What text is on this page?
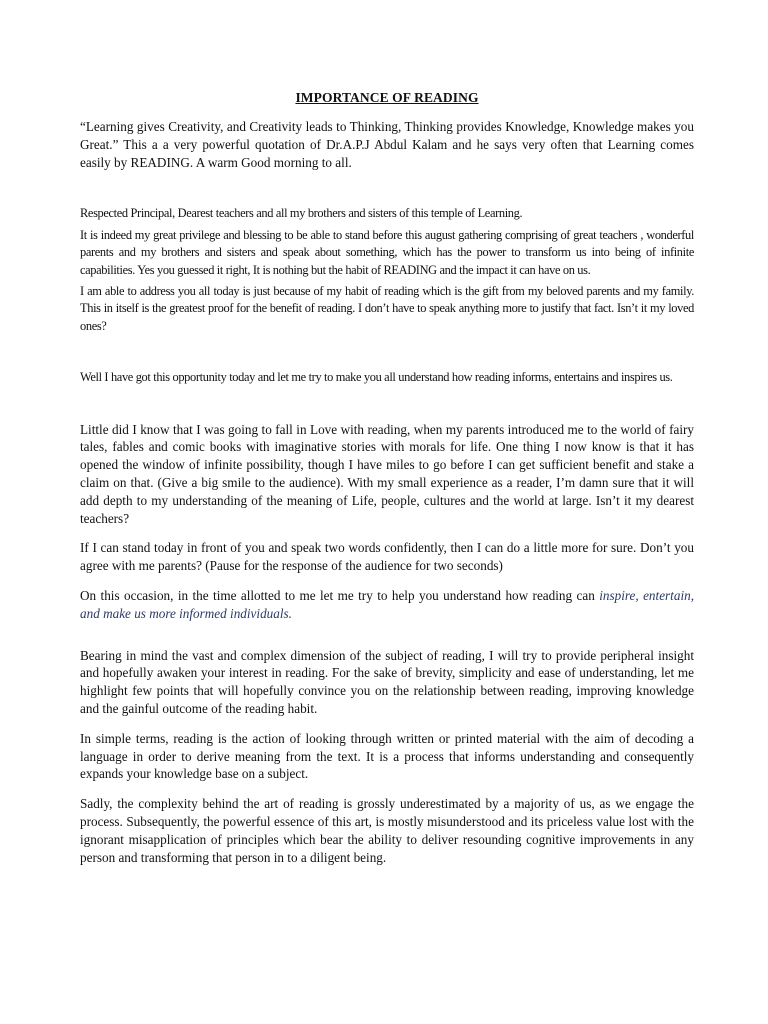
IMPORTANCE OF READING

“Learning gives Creativity, and Creativity leads to Thinking, Thinking provides Knowledge, Knowledge makes you Great.” This a a very powerful quotation of Dr.A.P.J Abdul Kalam and he says very often that Learning comes easily by READING. A warm Good morning to all.

Respected Principal, Dearest teachers and all my brothers and sisters of this temple of Learning.

It is indeed my great privilege and blessing to be able to stand before this august gathering comprising of great teachers , wonderful parents and my brothers and sisters and speak about something, which has the power to transform us into being of infinite capabilities. Yes you guessed it right, It is nothing but the habit of READING and the impact it can have on us.

I am able to address you all today is just because of my habit of reading which is the gift from my beloved parents and my family. This in itself is the greatest proof for the benefit of reading. I don’t have to speak anything more to justify that fact. Isn’t it my loved ones?

Well I have got this opportunity today and let me try to make you all understand how reading informs, entertains and inspires us.

Little did I know that I was going to fall in Love with reading, when my parents introduced me to the world of fairy tales, fables and comic books with imaginative stories with morals for life. One thing I now know is that it has opened the window of infinite possibility, though I have miles to go before I can get sufficient benefit and stake a claim on that. (Give a big smile to the audience). With my small experience as a reader, I’m damn sure that it will add depth to my understanding of the meaning of Life, people, cultures and the world at large. Isn’t it my dearest teachers?

If I can stand today in front of you and speak two words confidently, then I can do a little more for sure. Don’t you agree with me parents? (Pause for the response of the audience for two seconds)

On this occasion, in the time allotted to me let me try to help you understand how reading can inspire, entertain, and make us more informed individuals.

Bearing in mind the vast and complex dimension of the subject of reading, I will try to provide peripheral insight and hopefully awaken your interest in reading. For the sake of brevity, simplicity and ease of understanding, let me highlight few points that will hopefully convince you on the relationship between reading, improving knowledge and the gainful outcome of the reading habit.

In simple terms, reading is the action of looking through written or printed material with the aim of decoding a language in order to derive meaning from the text. It is a process that informs understanding and consequently expands your knowledge base on a subject.

Sadly, the complexity behind the art of reading is grossly underestimated by a majority of us, as we engage the process. Subsequently, the powerful essence of this art, is mostly misunderstood and its priceless value lost with the ignorant misapplication of principles which bear the ability to deliver resounding cognitive improvements in any person and transforming that person in to a diligent being.
